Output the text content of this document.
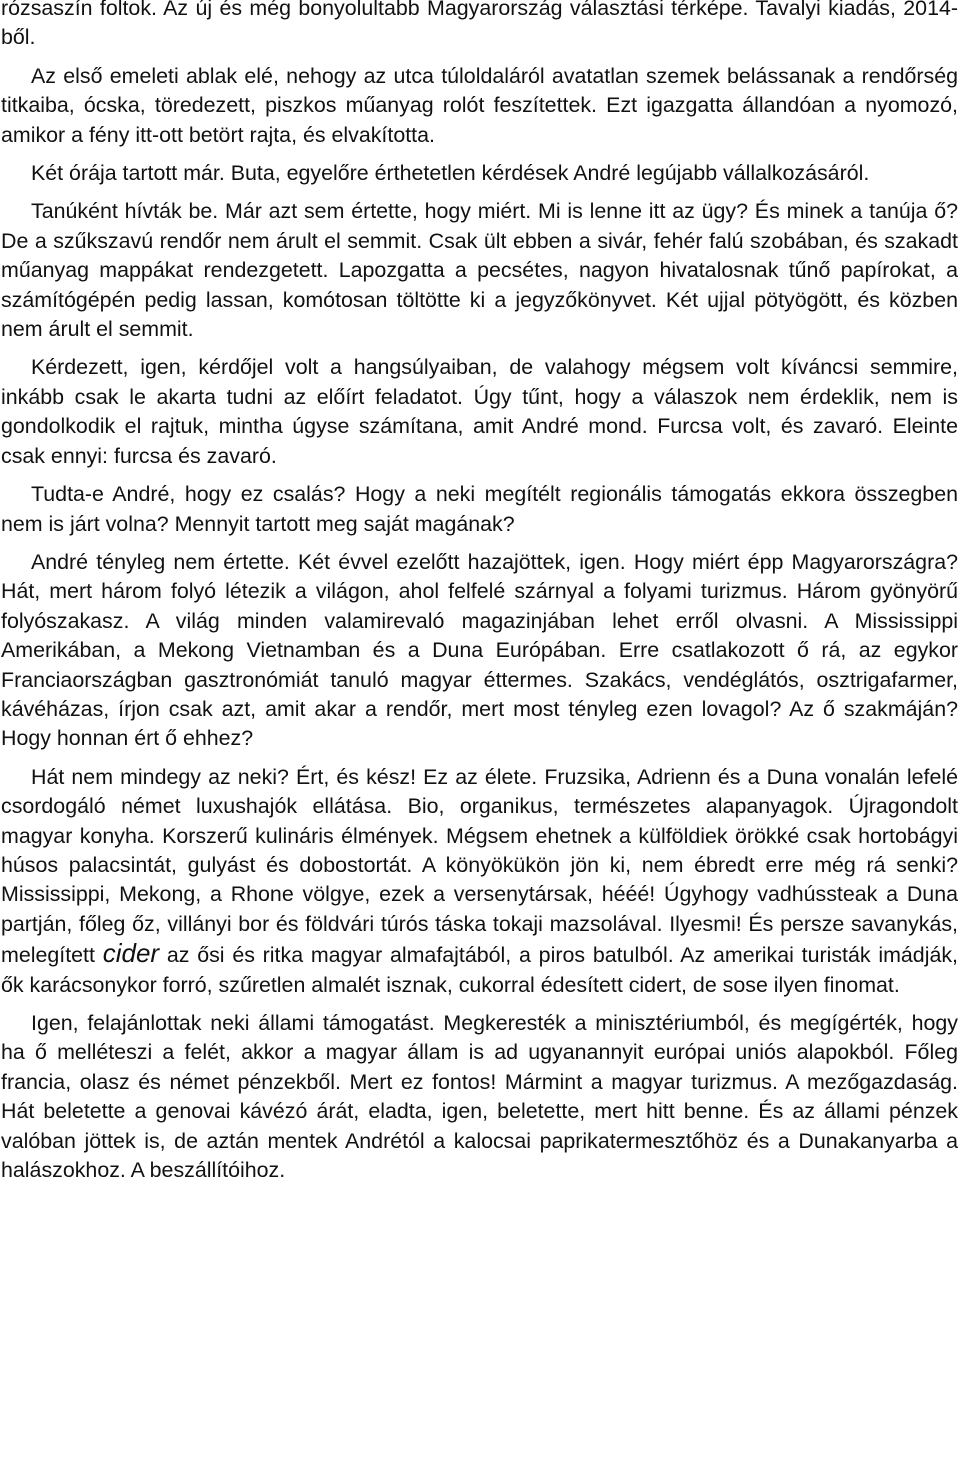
rózsaszín foltok. Az új és még bonyolultabb Magyarország választási térképe. Tavalyi kiadás, 2014-ből.

Az első emeleti ablak elé, nehogy az utca túloldaláról avatatlan szemek belássanak a rendőrség titkaiba, ócska, töredezett, piszkos műanyag rolót feszítettek. Ezt igazgatta állandóan a nyomozó, amikor a fény itt-ott betört rajta, és elvakította.

Két órája tartott már. Buta, egyelőre érthetetlen kérdések André legújabb vállalkozásáról.

Tanúként hívták be. Már azt sem értette, hogy miért. Mi is lenne itt az ügy? És minek a tanúja ő? De a szűkszavú rendőr nem árult el semmit. Csak ült ebben a sivár, fehér falú szobában, és szakadt műanyag mappákat rendezgetett. Lapozgatta a pecsétes, nagyon hivatalosnak tűnő papírokat, a számítógépén pedig lassan, komótosan töltötte ki a jegyzőkönyvet. Két ujjal pötyögött, és közben nem árult el semmit.

Kérdezett, igen, kérdőjel volt a hangsúlyaiban, de valahogy mégsem volt kíváncsi semmire, inkább csak le akarta tudni az előírt feladatot. Úgy tűnt, hogy a válaszok nem érdeklik, nem is gondolkodik el rajtuk, mintha úgyse számítana, amit André mond. Furcsa volt, és zavaró. Eleinte csak ennyi: furcsa és zavaró.

Tudta-e André, hogy ez csalás? Hogy a neki megítélt regionális támogatás ekkora összegben nem is járt volna? Mennyit tartott meg saját magának?

André tényleg nem értette. Két évvel ezelőtt hazajöttek, igen. Hogy miért épp Magyarországra? Hát, mert három folyó létezik a világon, ahol felfelé szárnyal a folyami turizmus. Három gyönyörű folyószakasz. A világ minden valamirevaló magazinjában lehet erről olvasni. A Mississippi Amerikában, a Mekong Vietnamban és a Duna Európában. Erre csatlakozott ő rá, az egykor Franciaországban gasztronómiát tanuló magyar éttermes. Szakács, vendéglátós, osztrigafarmer, kávéházas, írjon csak azt, amit akar a rendőr, mert most tényleg ezen lovagol? Az ő szakmáján? Hogy honnan ért ő ehhez?

Hát nem mindegy az neki? Ért, és kész! Ez az élete. Fruzsika, Adrienn és a Duna vonalán lefelé csordogáló német luxushajók ellátása. Bio, organikus, természetes alapanyagok. Újragondolt magyar konyha. Korszerű kulináris élmények. Mégsem ehetnek a külföldiek örökké csak hortobágyi húsos palacsintát, gulyást és dobostortát. A könyökükön jön ki, nem ébredt erre még rá senki? Mississippi, Mekong, a Rhone völgye, ezek a versenytársak, hééé! Úgyhogy vadhússteak a Duna partján, főleg őz, villányi bor és földvári túrós táska tokaji mazsolával. Ilyesmi! És persze savanykás, melegített cider az ősi és ritka magyar almafajtából, a piros batulból. Az amerikai turisták imádják, ők karácsonykor forró, szűretlen almalét isznak, cukorral édesített cidert, de sose ilyen finomat.

Igen, felajánlottak neki állami támogatást. Megkeresték a minisztériumból, és megígérték, hogy ha ő melléteszi a felét, akkor a magyar állam is ad ugyanannyit európai uniós alapokból. Főleg francia, olasz és német pénzekből. Mert ez fontos! Mármint a magyar turizmus. A mezőgazdaság. Hát beletette a genovai kávézó árát, eladta, igen, beletette, mert hitt benne. És az állami pénzek valóban jöttek is, de aztán mentek Andrétól a kalocsai paprikatermesztőhöz és a Dunakanyarba a halászokhoz. A beszállítóihoz.
